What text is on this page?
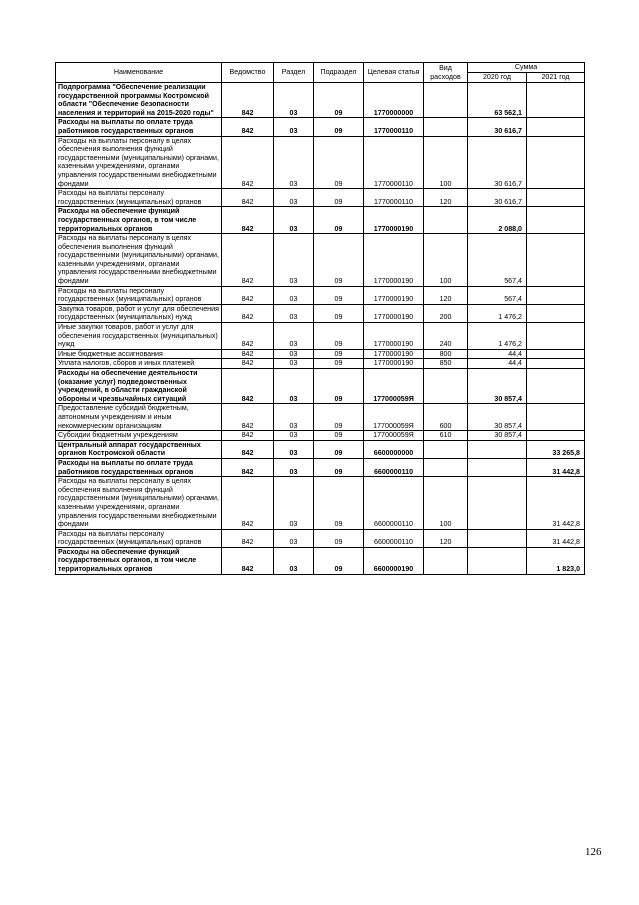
Наименование	Ведомство	Раздел	Подраздел	Целевая статья	Вид расходов	Сумма	
						2020 год	2021 год
Подпрограмма "Обеспечение реализации государственной программы Костромской области "Обеспечение безопасности населения и территорий на 2015-2020 годы"	842	03	09	1770000000		63 562,1	
Расходы на выплаты по оплате труда работников государственных органов	842	03	09	1770000110		30 616,7	
Расходы на выплаты персоналу в целях обеспечения выполнения функций государственными (муниципальными) органами, казенными учреждениями, органами управления государственными внебюджетными фондами	842	03	09	1770000110	100	30 616,7	
Расходы на выплаты персоналу государственных (муниципальных) органов	842	03	09	1770000110	120	30 616,7	
Расходы на обеспечение функций государственных органов, в том числе территориальных органов	842	03	09	1770000190		2 088,0	
Расходы на выплаты персоналу в целях обеспечения выполнения функций государственными (муниципальными) органами, казенными учреждениями, органами управления государственными внебюджетными фондами	842	03	09	1770000190	100	567,4	
Расходы на выплаты персоналу государственных (муниципальных) органов	842	03	09	1770000190	120	567,4	
Закупка товаров, работ и услуг для обеспечения государственных (муниципальных) нужд	842	03	09	1770000190	200	1 476,2	
Иные закупки товаров, работ и услуг для обеспечения государственных (муниципальных) нужд	842	03	09	1770000190	240	1 476,2	
Иные бюджетные ассигнования	842	03	09	1770000190	800	44,4	
Уплата налогов, сборов и иных платежей	842	03	09	1770000190	850	44,4	
Расходы на обеспечение деятельности (оказание услуг) подведомственных учреждений, в области гражданской обороны и чрезвычайных ситуаций	842	03	09	177000059Я		30 857,4	
Предоставление субсидий бюджетным, автономным учреждениям и иным некоммерческим организациям	842	03	09	177000059Я	600	30 857,4	
Субсидии бюджетным учреждениям	842	03	09	177000059Я	610	30 857,4	
Центральный аппарат государственных органов Костромской области	842	03	09	6600000000			33 265,8
Расходы на выплаты по оплате труда работников государственных органов	842	03	09	6600000110			31 442,8
Расходы на выплаты персоналу в целях обеспечения выполнения функций государственными (муниципальными) органами, казенными учреждениями, органами управления государственными внебюджетными фондами	842	03	09	6600000110	100		31 442,8
Расходы на выплаты персоналу государственных (муниципальных) органов	842	03	09	6600000110	120		31 442,8
Расходы на обеспечение функций государственных органов, в том числе территориальных органов	842	03	09	6600000190			1 823,0
126
